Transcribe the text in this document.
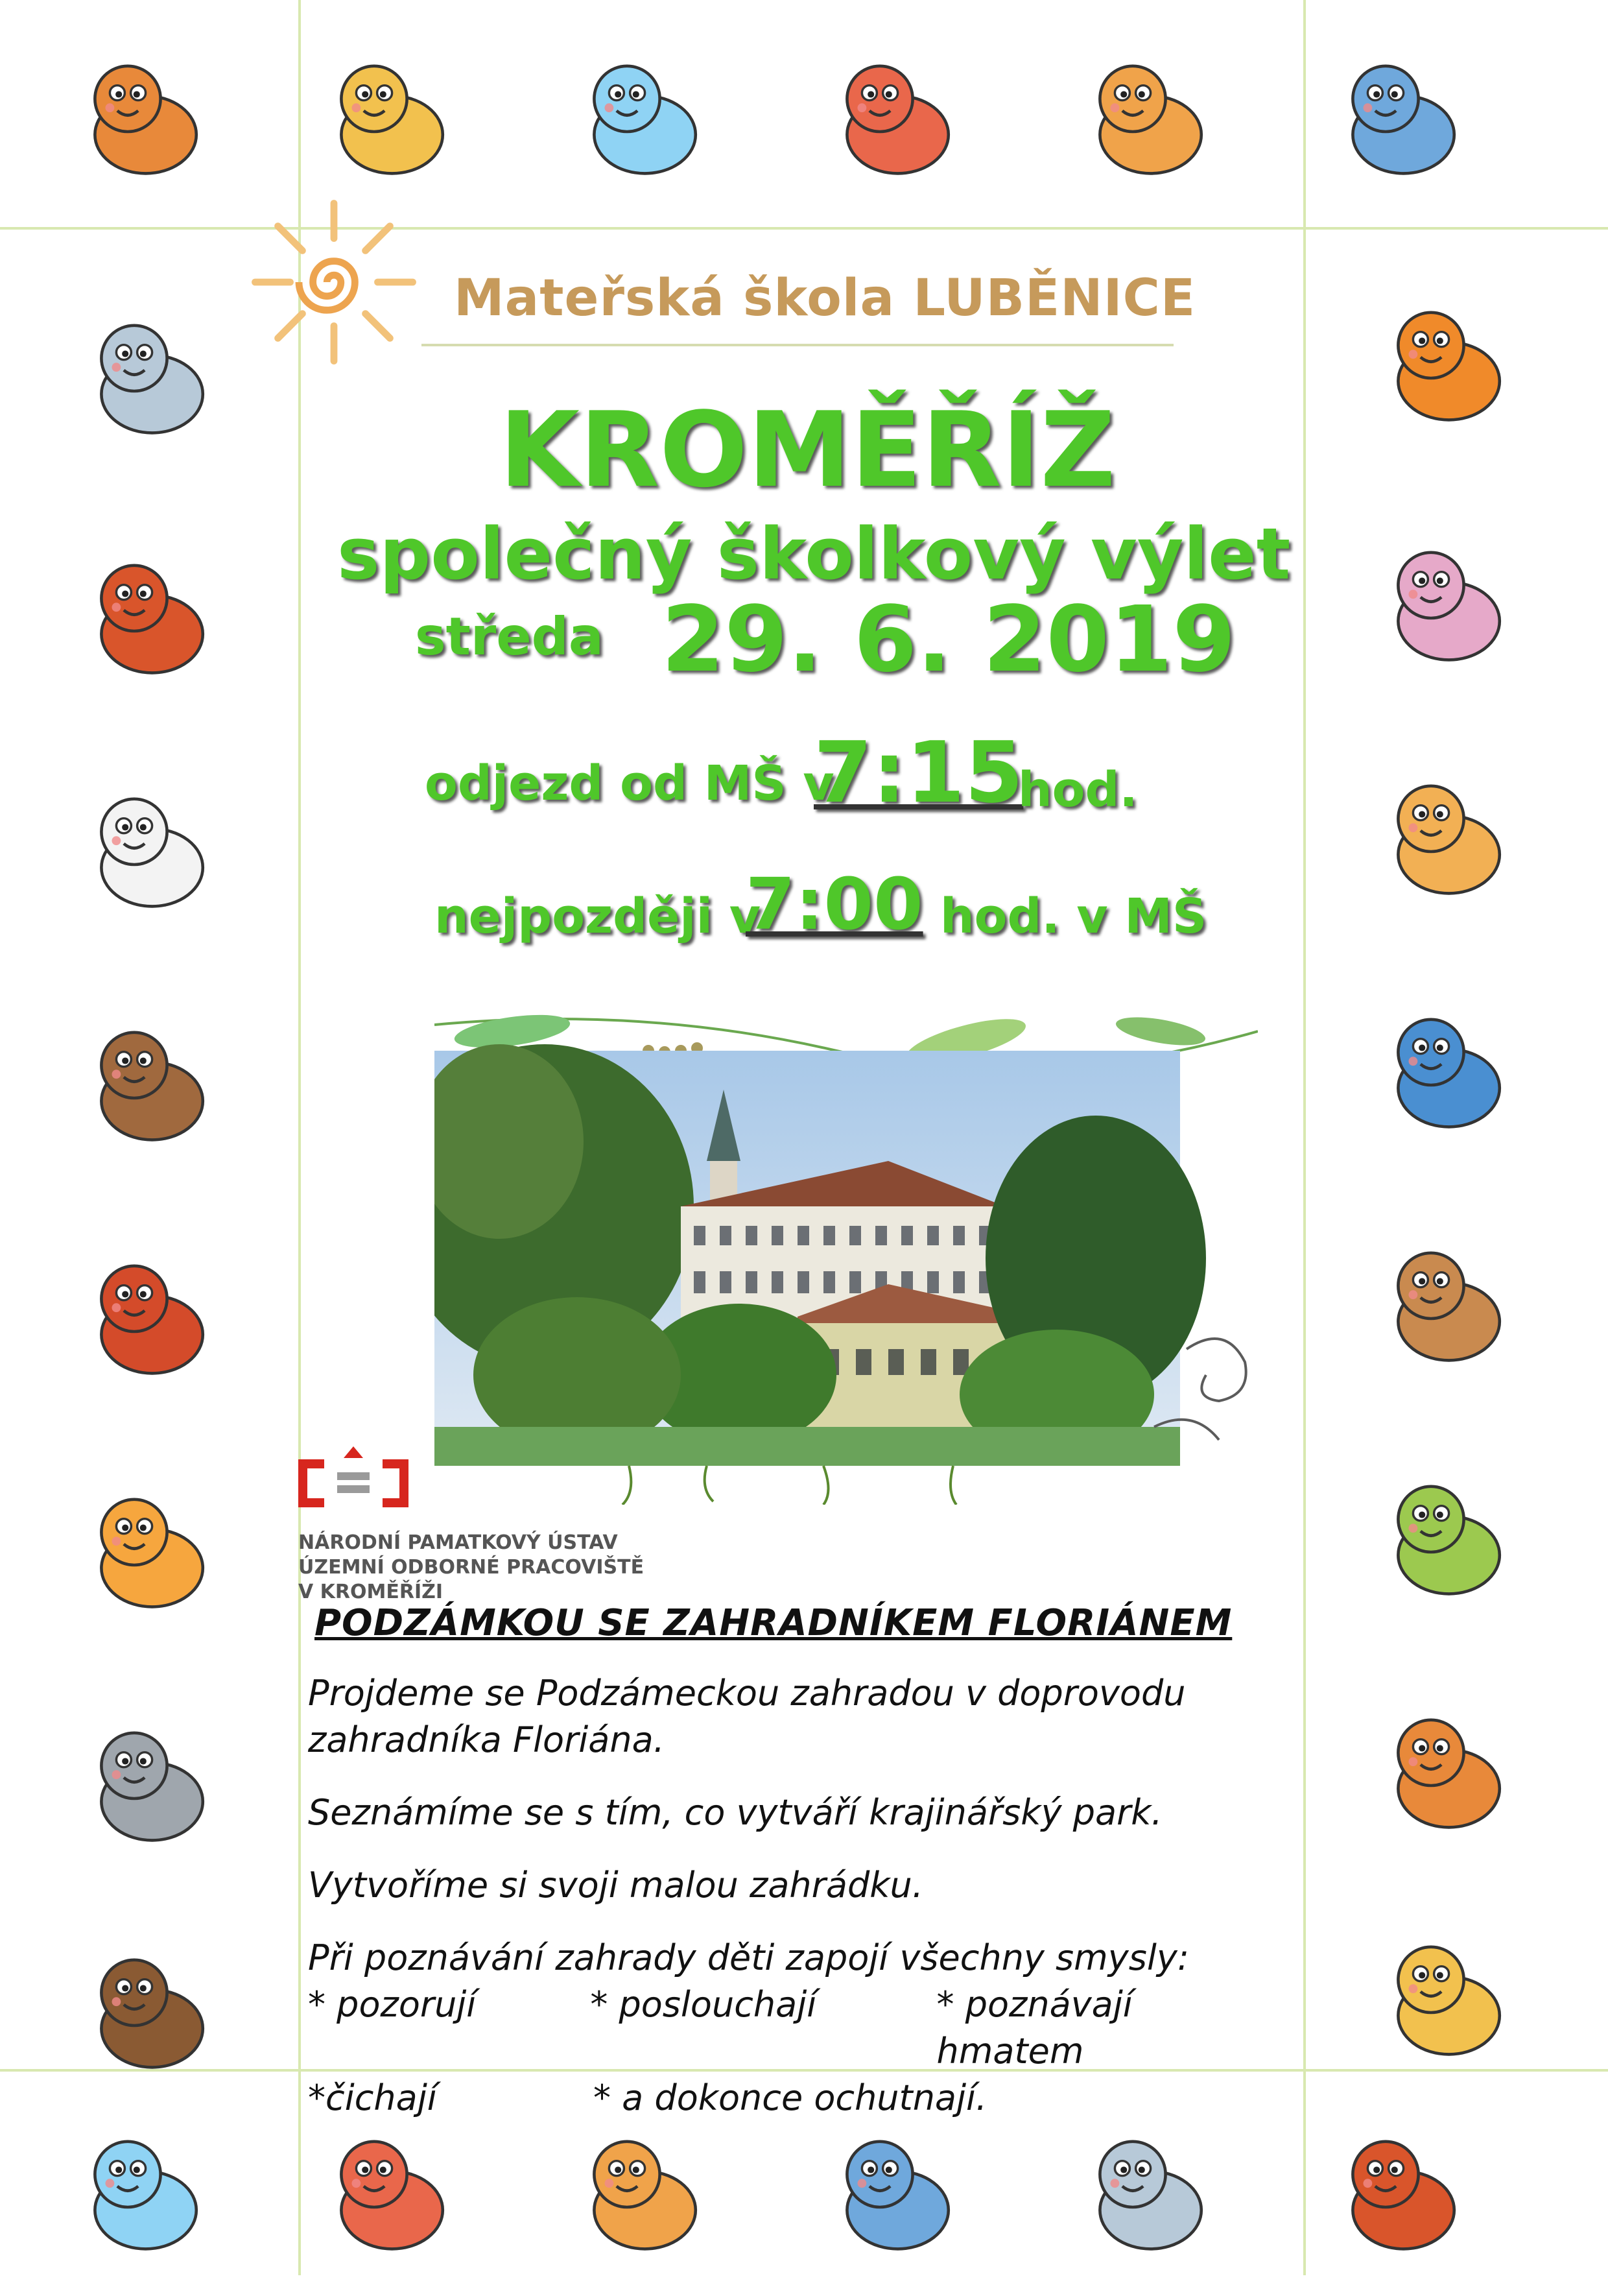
Mateřská škola LUBĚNICE
KROMĚŘÍŽ
společný školkový výlet
středa 29. 6. 2019
odjezd od MŠ v
7:15
hod.
nejpozději v
7:00 hod. v MŠ
NÁRODNÍ PAMATKOVÝ ÚSTAV
ÚZEMNÍ ODBORNÉ PRACOVIŠTĚ
V KROMĚŘÍŽI
PODZÁMKOU SE ZAHRADNÍKEM FLORIÁNEM
Projdeme se Podzámeckou zahradou v doprovodu zahradníka Floriána.
Seznámíme se s tím, co vytváří krajinářský park.
Vytvoříme si svoji malou zahrádku.
Při poznávání zahrady děti zapojí všechny smysly:
* pozorují	* poslouchají	* poznávají hmatem
*čichají	* a dokonce ochutnají.
